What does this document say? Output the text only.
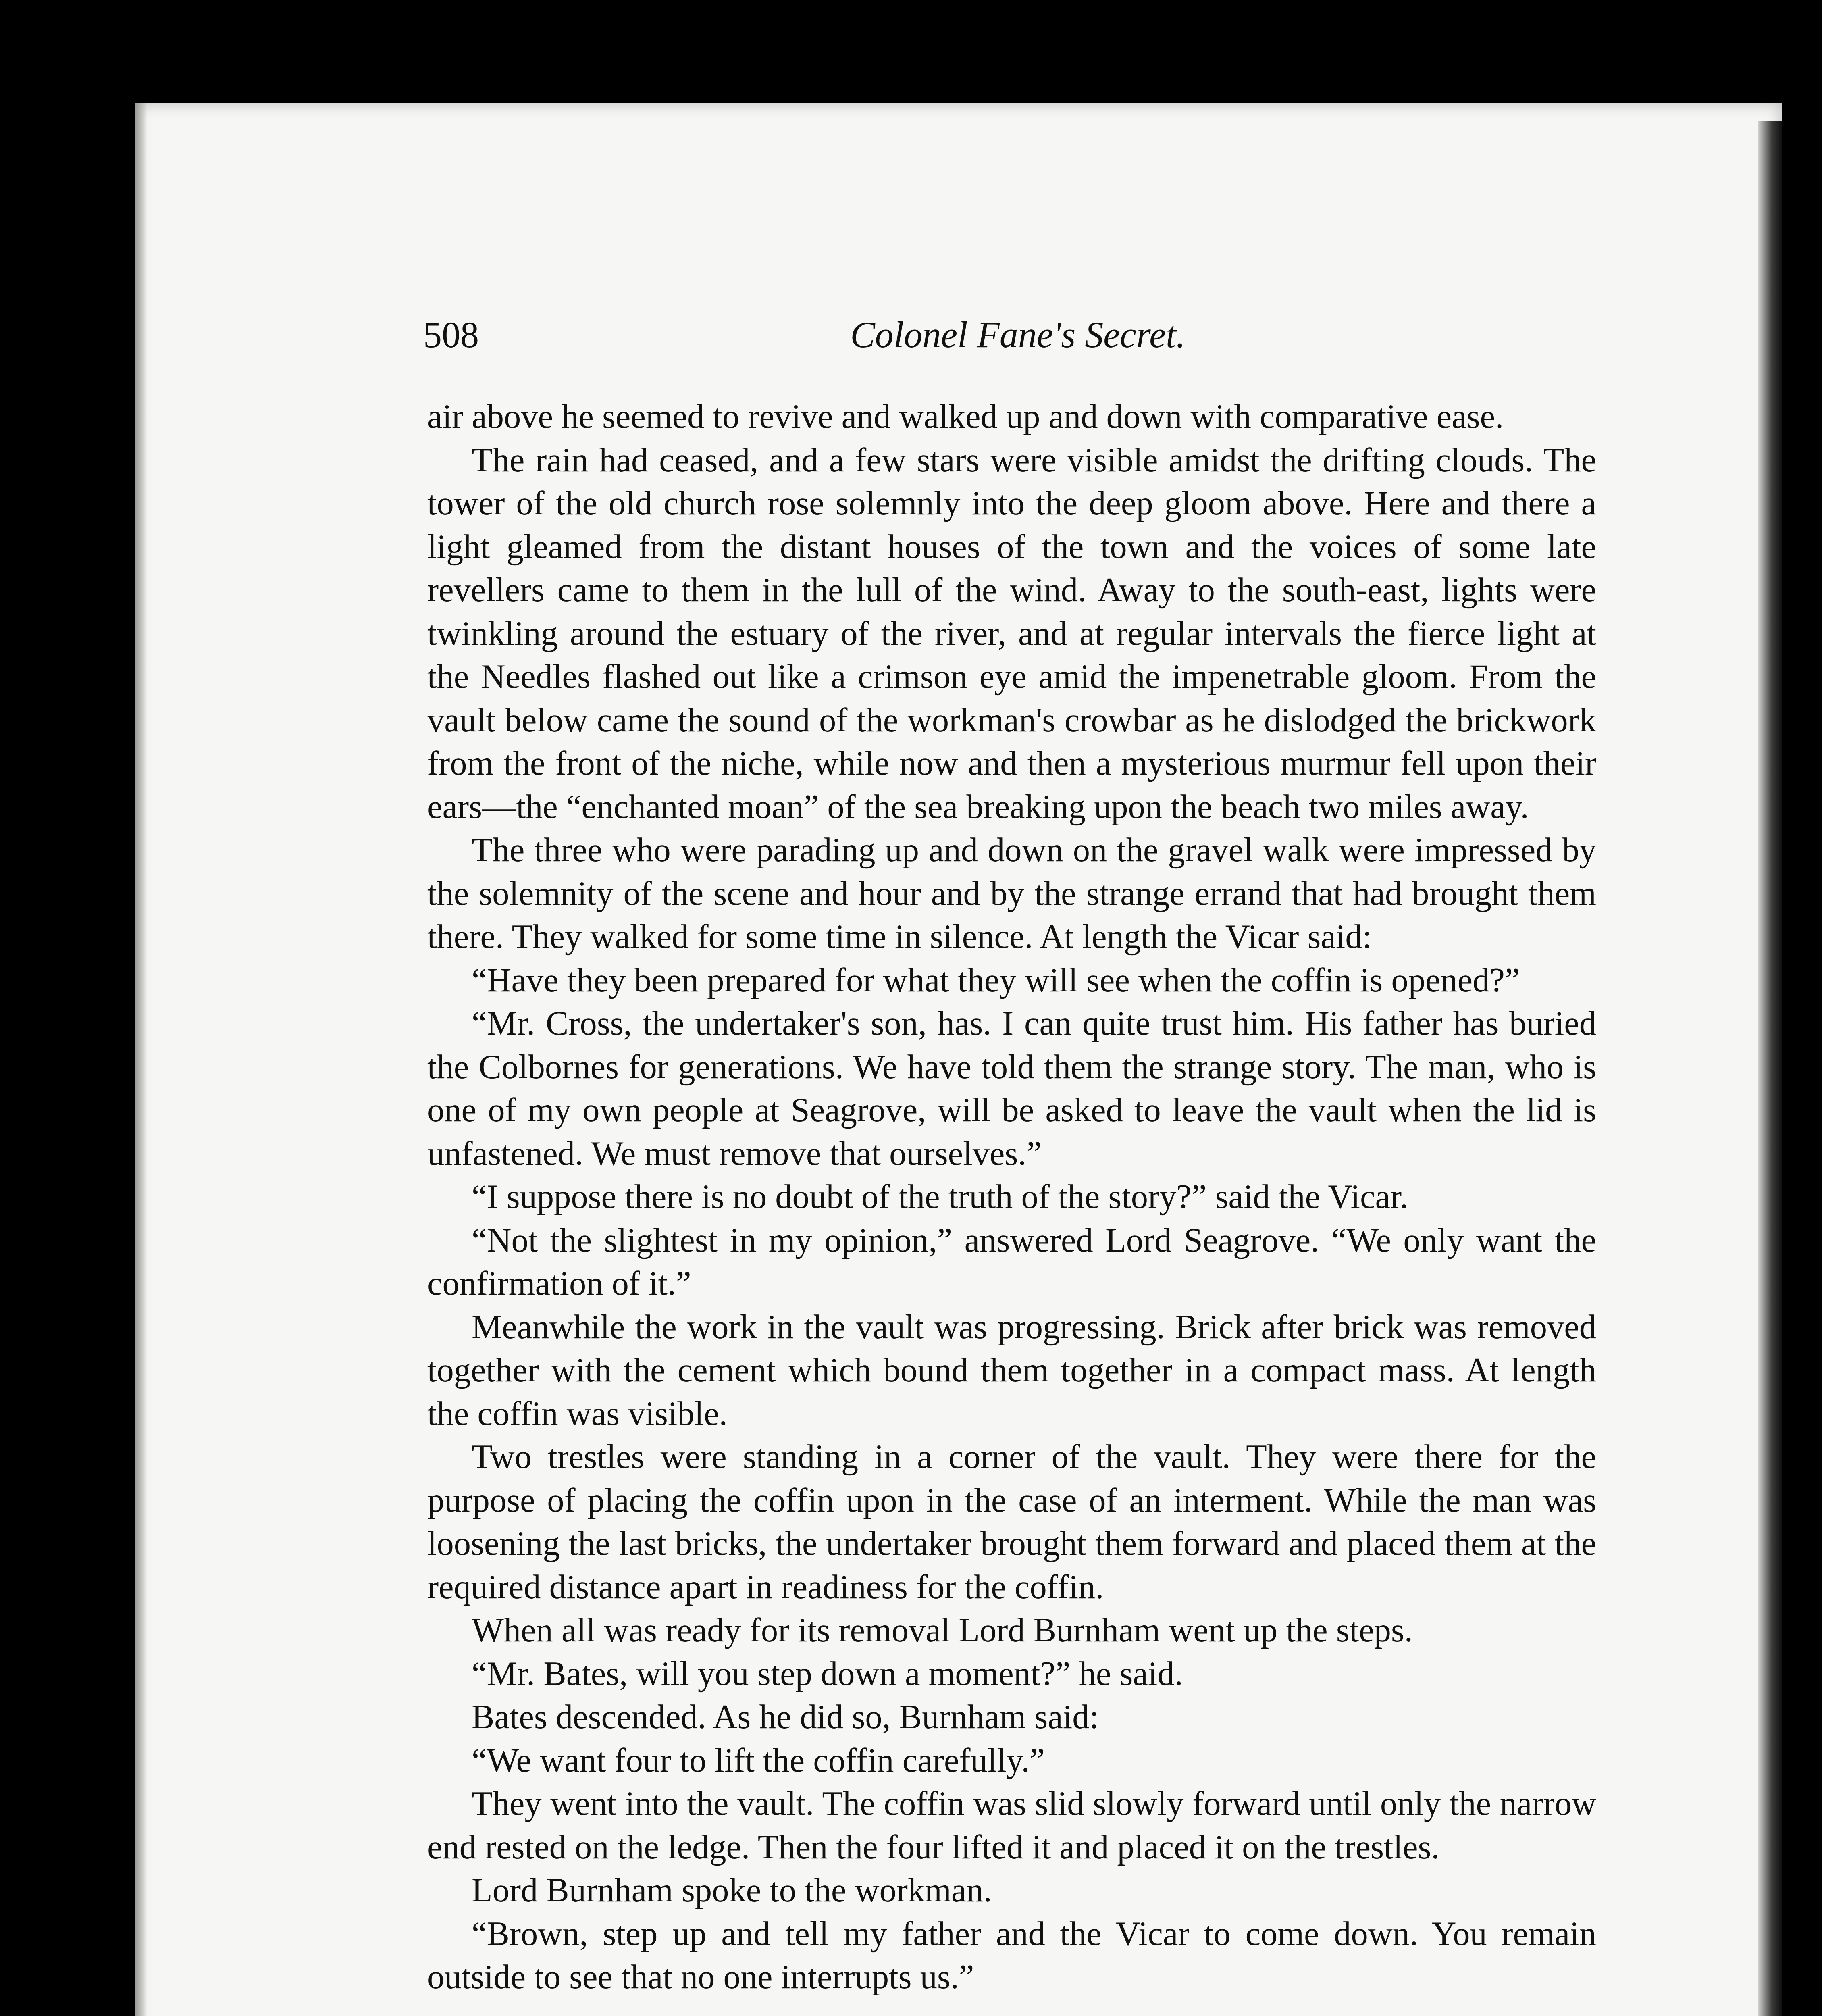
508	Colonel Fane's Secret.

air above he seemed to revive and walked up and down with comparative ease.

The rain had ceased, and a few stars were visible amidst the drifting clouds. The tower of the old church rose solemnly into the deep gloom above. Here and there a light gleamed from the distant houses of the town and the voices of some late revellers came to them in the lull of the wind. Away to the south-east, lights were twinkling around the estuary of the river, and at regular intervals the fierce light at the Needles flashed out like a crimson eye amid the impenetrable gloom. From the vault below came the sound of the workman's crowbar as he dislodged the brickwork from the front of the niche, while now and then a mysterious murmur fell upon their ears—the “enchanted moan” of the sea breaking upon the beach two miles away.

The three who were parading up and down on the gravel walk were impressed by the solemnity of the scene and hour and by the strange errand that had brought them there. They walked for some time in silence. At length the Vicar said:

“Have they been prepared for what they will see when the coffin is opened?”

“Mr. Cross, the undertaker's son, has. I can quite trust him. His father has buried the Colbornes for generations. We have told them the strange story. The man, who is one of my own people at Seagrove, will be asked to leave the vault when the lid is unfastened. We must remove that ourselves.”

“I suppose there is no doubt of the truth of the story?” said the Vicar.

“Not the slightest in my opinion,” answered Lord Seagrove. “We only want the confirmation of it.”

Meanwhile the work in the vault was progressing. Brick after brick was removed together with the cement which bound them together in a compact mass. At length the coffin was visible.

Two trestles were standing in a corner of the vault. They were there for the purpose of placing the coffin upon in the case of an interment. While the man was loosening the last bricks, the undertaker brought them forward and placed them at the required distance apart in readiness for the coffin.

When all was ready for its removal Lord Burnham went up the steps.

“Mr. Bates, will you step down a moment?” he said.

Bates descended. As he did so, Burnham said:

“We want four to lift the coffin carefully.”

They went into the vault. The coffin was slid slowly forward until only the narrow end rested on the ledge. Then the four lifted it and placed it on the trestles.

Lord Burnham spoke to the workman.

“Brown, step up and tell my father and the Vicar to come down. You remain outside to see that no one interrupts us.”
